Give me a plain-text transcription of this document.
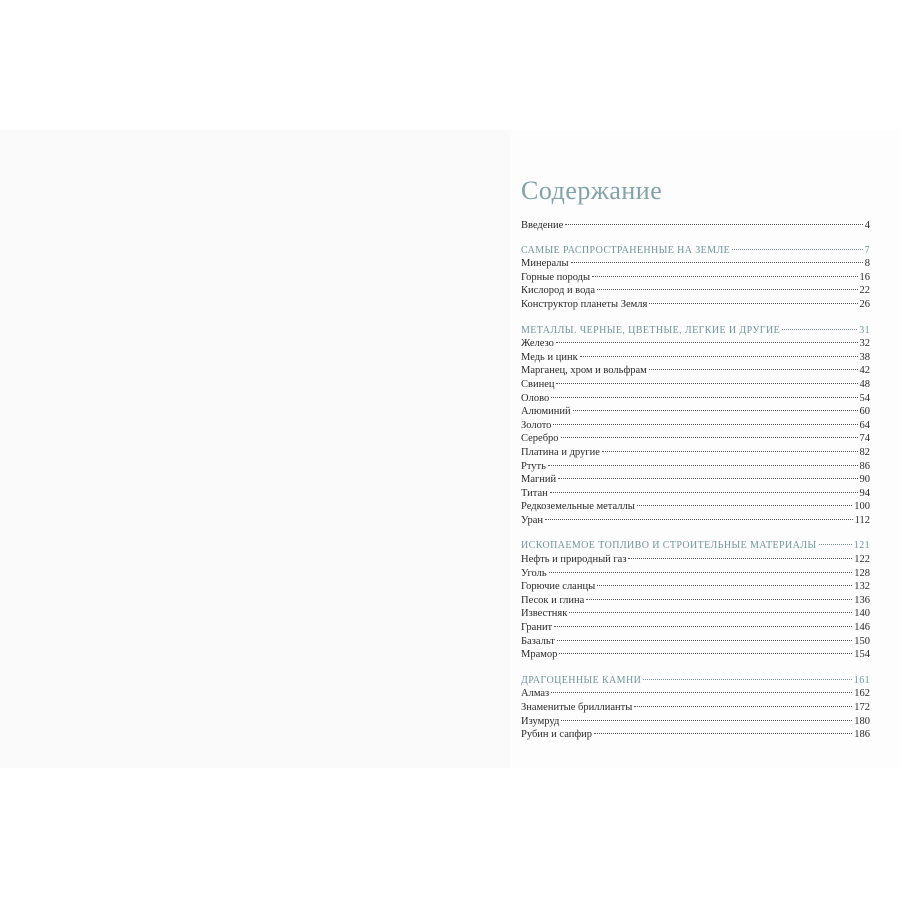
Содержание
Введение	4
САМЫЕ РАСПРОСТРАНЕННЫЕ НА ЗЕМЛЕ	7
Минералы	8
Горные породы	16
Кислород и вода	22
Конструктор планеты Земля	26
МЕТАЛЛЫ. ЧЕРНЫЕ, ЦВЕТНЫЕ, ЛЕГКИЕ И ДРУГИЕ	31
Железо	32
Медь и цинк	38
Марганец, хром и вольфрам	42
Свинец	48
Олово	54
Алюминий	60
Золото	64
Серебро	74
Платина и другие	82
Ртуть	86
Магний	90
Титан	94
Редкоземельные металлы	100
Уран	112
ИСКОПАЕМОЕ ТОПЛИВО И СТРОИТЕЛЬНЫЕ МАТЕРИАЛЫ	121
Нефть и природный газ	122
Уголь	128
Горючие сланцы	132
Песок и глина	136
Известняк	140
Гранит	146
Базальт	150
Мрамор	154
ДРАГОЦЕННЫЕ КАМНИ	161
Алмаз	162
Знаменитые бриллианты	172
Изумруд	180
Рубин и сапфир	186
